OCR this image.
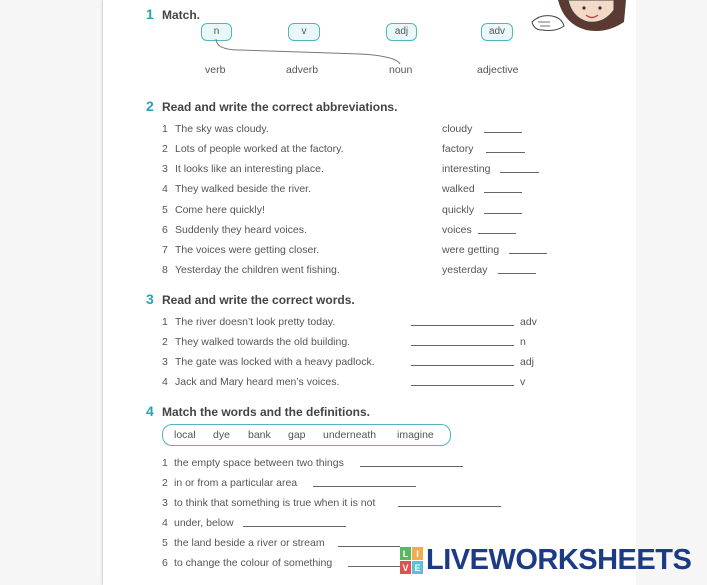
1 Match.
n	v	adj	adv
verb	adverb	noun	adjective
2 Read and write the correct abbreviations.
1 The sky was cloudy.	cloudy
2 Lots of people worked at the factory.	factory
3 It looks like an interesting place.	interesting
4 They walked beside the river.	walked
5 Come here quickly!	quickly
6 Suddenly they heard voices.	voices
7 The voices were getting closer.	were getting
8 Yesterday the children went fishing.	yesterday
3 Read and write the correct words.
1 The river doesn’t look pretty today.	adv
2 They walked towards the old building.	n
3 The gate was locked with a heavy padlock.	adj
4 Jack and Mary heard men’s voices.	v
4 Match the words and the definitions.
local dye bank gap underneath imagine
1 the empty space between two things
2 in or from a particular area
3 to think that something is true when it is not
4 under, below
5 the land beside a river or stream
6 to change the colour of something
L I
V E LIVEWORKSHEETS
